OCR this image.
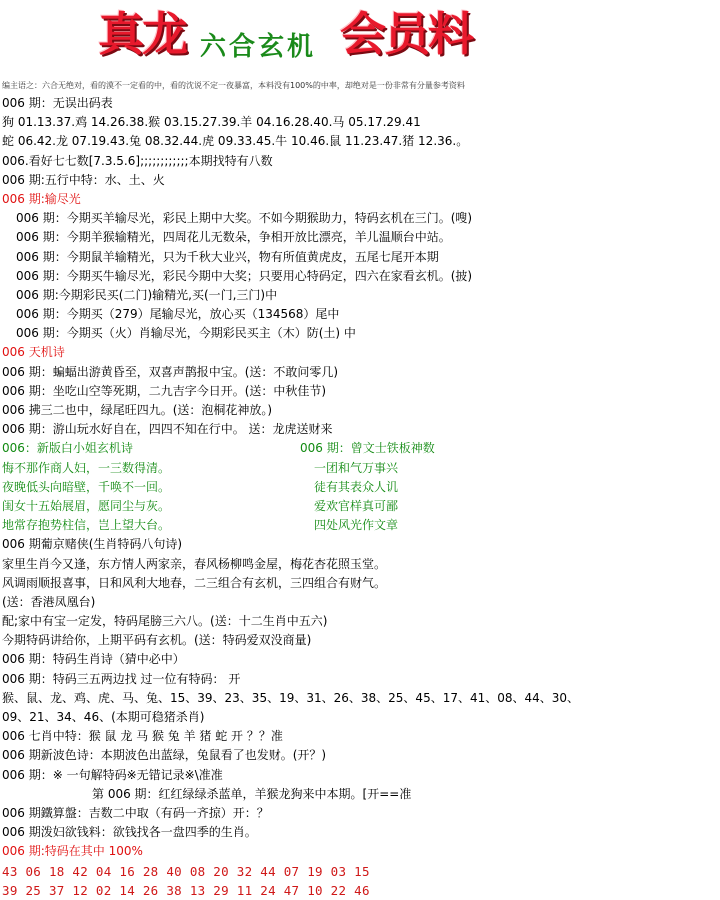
真龙 六合玄机 会员料
编主语之：六合无绝对，看的漠不一定看的中，看的沈说不定一夜暴富，本料没有100%的中率，却绝对是一份非常有分量参考资料
006 期：无误出码表
狗 01.13.37.鸡 14.26.38.猴 03.15.27.39.羊 04.16.28.40.马 05.17.29.41
蛇 06.42.龙 07.19.43.兔 08.32.44.虎 09.33.45.牛 10.46.鼠 11.23.47.猪 12.36.。
006.看好七七数[7.3.5.6];;;;;;;;;;;;本期找特有八数
006 期:五行中特：水、土、火
006 期:输尽光
006 期：今期买羊输尽光，彩民上期中大奖。不如今期猴助力，特码玄机在三门。(嗖)
006 期：今期羊猴输精光，四周花儿无数朵，争相开放比漂亮，羊儿温顺台中站。
006 期：今期鼠羊输精光，只为千秋大业兴，物有所值黄虎皮，五尾七尾开本期
006 期：今期买牛输尽光，彩民今期中大奖；只要用心特码定，四六在家看玄机。(披)
006 期:今期彩民买(二门)输精光,买(一门,三门)中
006 期：今期买（279）尾输尽光，放心买（134568）尾中
006 期：今期买（火）肖输尽光，今期彩民买主（木）防(土) 中
006 天机诗
006 期：蝙蝠出游黄昏至，双喜声鹊报中宝。(送：不敢问零几)
006 期：坐吃山空等死期，二九吉字今日开。(送：中秋佳节)
006 拂三二也中，绿尾旺四九。(送：泡桐花神放。)
006 期：游山玩水好自在，四四不知在行中。 送：龙虎送财来
006：新版白小姐玄机诗	006 期：曾文士铁板神数
悔不那作商人妇，一三数得清。	一团和气万事兴
夜晚低头向暗壁，千唤不一回。	徒有其表众人讥
闺女十五始展眉，愿同尘与灰。	爱欢官样真可鄙
地常存抱势柱信，岂上望大台。	四处风光作文章
006 期葡京赌侠(生肖特码八句诗)
家里生肖今又逢，东方情人两家亲，春风杨柳鸣金屋，梅花杏花照玉堂。
风调雨顺报喜事，日和风利大地春，二三组合有玄机，三四组合有财气。
(送：香港凤凰台)
配;家中有宝一定发，特码尾膀三六八。(送：十二生肖中五六)
今期特码讲给你，上期平码有玄机。(送：特码爱双没商量)
006 期：特码生肖诗（猜中必中）
006 期：特码三五两边找 过一位有特码： 开
猴、鼠、龙、鸡、虎、马、兔、15、39、23、35、19、31、26、38、25、45、17、41、08、44、30、
09、21、34、46、(本期可稳猪杀肖)
006 七肖中特：猴 鼠 龙 马 猴 兔 羊 猪 蛇 开 ？？准
006 期新波色诗：本期波色出蓝绿，兔鼠看了也发财。(开？)
006 期：※ 一句解特码※无错记录※\准准
第 006 期：红红绿绿杀蓝单，羊猴龙狗来中本期。[开==准
006 期鐵算盤：吉数二中取（有码一齐掠）开：？
006 期泼妇欲钱料：欲钱找各一盘四季的生肖。
006 期:特码在其中 100%
43 06 18 42 04 16 28 40 08 20 32 44 07 19 03 15
39 25 37 12 02 14 26 38 13 29 11 24 47 10 22 46
